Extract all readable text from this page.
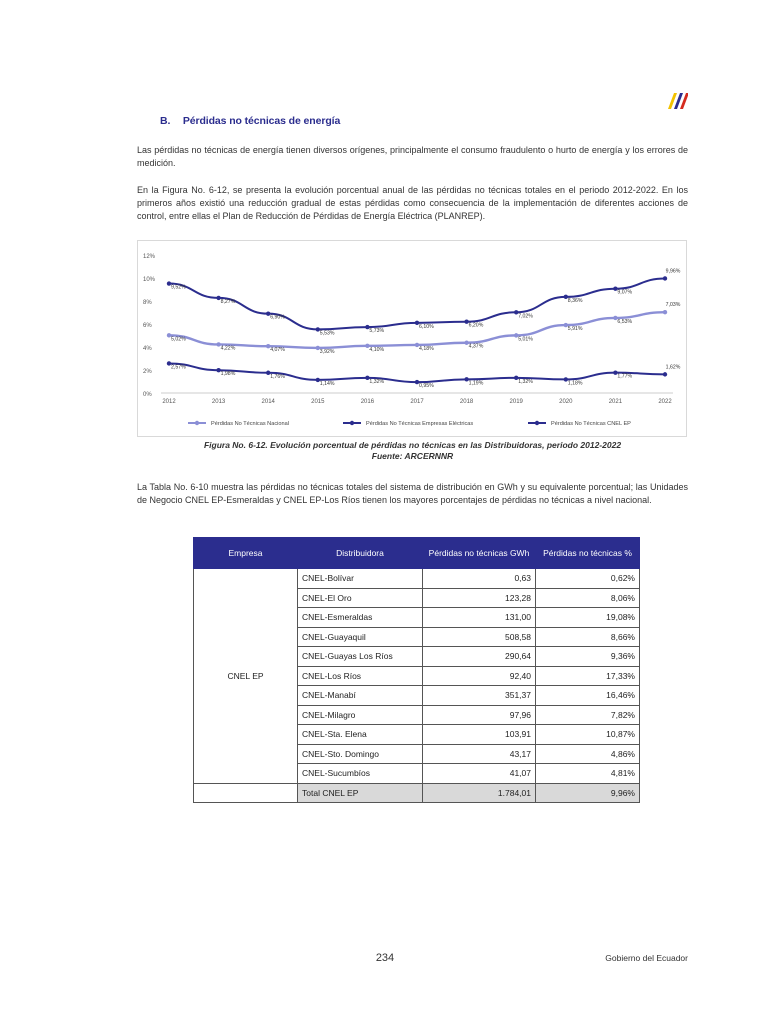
B. Pérdidas no técnicas de energía
Las pérdidas no técnicas de energía tienen diversos orígenes, principalmente el consumo fraudulento o hurto de energía y los errores de medición.
En la Figura No. 6-12, se presenta la evolución porcentual anual de las pérdidas no técnicas totales en el periodo 2012-2022. En los primeros años existió una reducción gradual de estas pérdidas como consecuencia de la implementación de diferentes acciones de control, entre ellas el Plan de Reducción de Pérdidas de Energía Eléctrica (PLANREP).
0%
2%
4%
6%
8%
10%
12%
2012	2013	2014	2015	2016	2017	2018	2019	2020	2021	2022
5,02%
4,22%	4,07%	3,92%	4,10%	4,18%	4,37%
5,01%
5,91%
6,53%
7,03%
2,57%
1,98%	1,76%
1,14%	1,32%
0,95%	1,19%	1,32%	1,18%
1,77%
1,62%
9,52%
8,27%
6,90%
5,53%	5,73%
6,10%	6,20%
7,02%
8,36%
9,07%
9,96%
Pérdidas No Técnicas Nacional	Pérdidas No Técnicas Empresas Eléctricas	Pérdidas No Técnicas CNEL EP
Figura No. 6-12. Evolución porcentual de pérdidas no técnicas en las Distribuidoras, periodo 2012-2022
Fuente: ARCERNNR
La Tabla No. 6-10 muestra las pérdidas no técnicas totales del sistema de distribución en GWh y su equivalente porcentual; las Unidades de Negocio CNEL EP-Esmeraldas y CNEL EP-Los Ríos tienen los mayores porcentajes de pérdidas no técnicas a nivel nacional.
Empresa	Distribuidora	Pérdidas no técnicas GWh	Pérdidas no técnicas %
CNEL EP	CNEL-Bolívar	0,63	0,62%
	CNEL-El Oro	123,28	8,06%
	CNEL-Esmeraldas	131,00	19,08%
	CNEL-Guayaquil	508,58	8,66%
	CNEL-Guayas Los Ríos	290,64	9,36%
	CNEL-Los Ríos	92,40	17,33%
	CNEL-Manabí	351,37	16,46%
	CNEL-Milagro	97,96	7,82%
	CNEL-Sta. Elena	103,91	10,87%
	CNEL-Sto. Domingo	43,17	4,86%
	CNEL-Sucumbíos	41,07	4,81%
	Total CNEL EP	1.784,01	9,96%
234	Gobierno del Ecuador
